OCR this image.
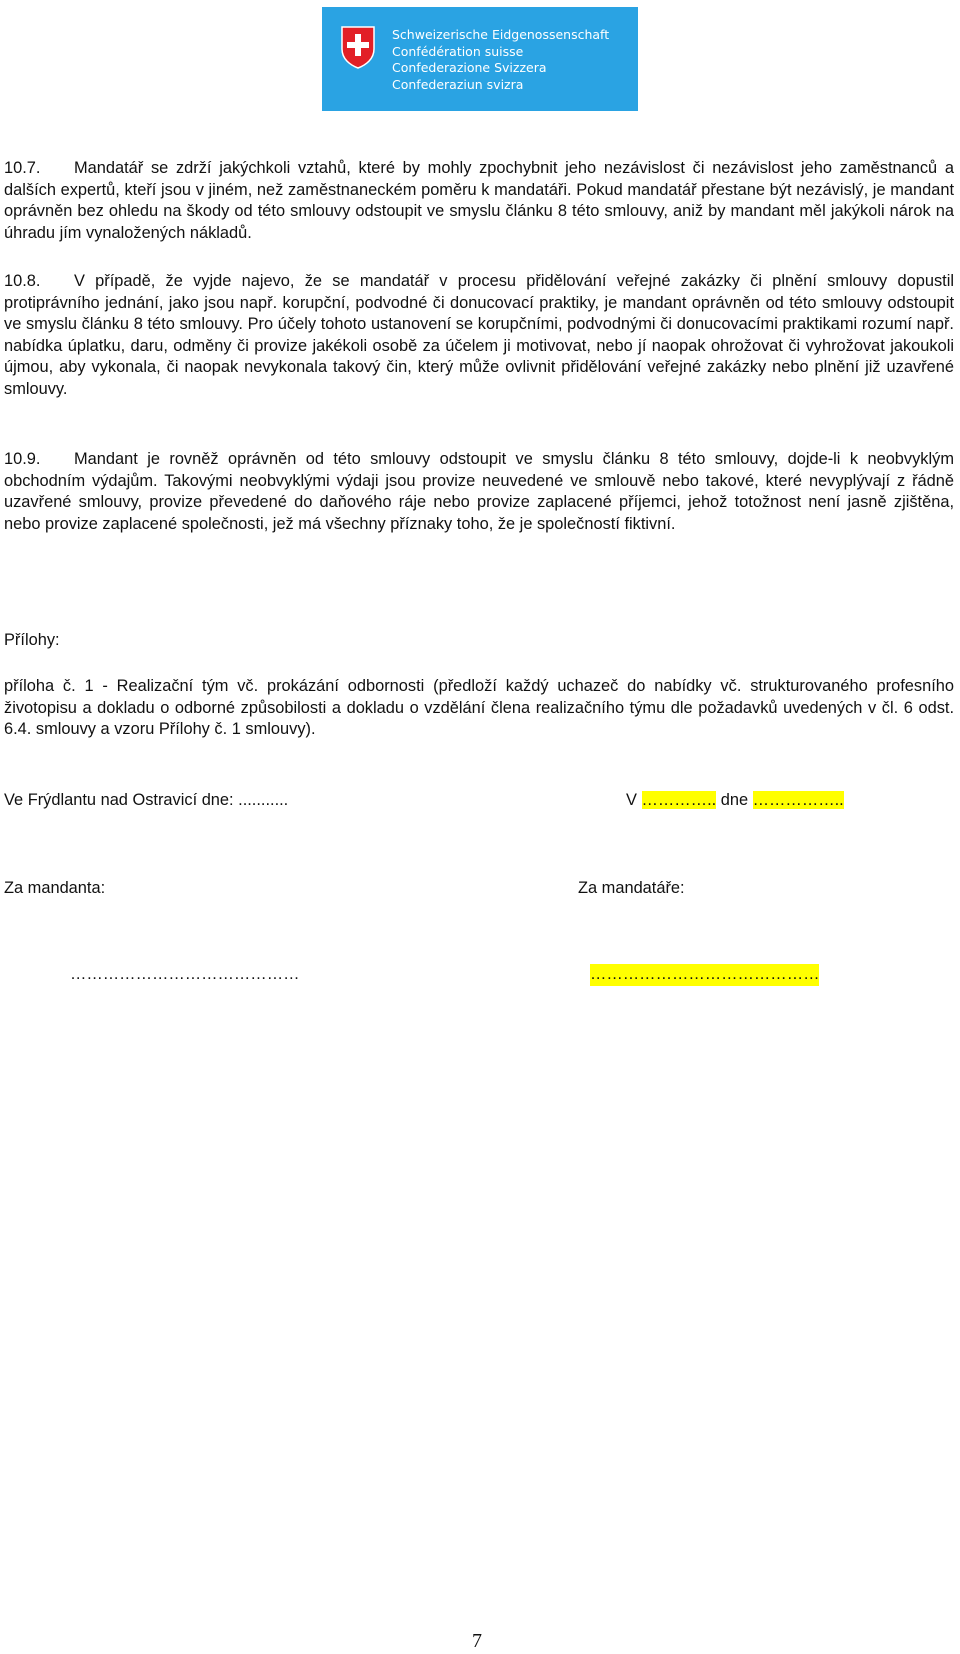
Schweizerische Eidgenossenschaft
Confédération suisse
Confederazione Svizzera
Confederaziun svizra
10.7. Mandatář se zdrží jakýchkoli vztahů, které by mohly zpochybnit jeho nezávislost či nezávislost jeho zaměstnanců a dalších expertů, kteří jsou v jiném, než zaměstnaneckém poměru k mandatáři. Pokud mandatář přestane být nezávislý, je mandant oprávněn bez ohledu na škody od této smlouvy odstoupit ve smyslu článku 8 této smlouvy, aniž by mandant měl jakýkoli nárok na úhradu jím vynaložených nákladů.
10.8. V případě, že vyjde najevo, že se mandatář v procesu přidělování veřejné zakázky či plnění smlouvy dopustil protiprávního jednání, jako jsou např. korupční, podvodné či donucovací praktiky, je mandant oprávněn od této smlouvy odstoupit ve smyslu článku 8 této smlouvy. Pro účely tohoto ustanovení se korupčními, podvodnými či donucovacími praktikami rozumí např. nabídka úplatku, daru, odměny či provize jakékoli osobě za účelem ji motivovat, nebo jí naopak ohrožovat či vyhrožovat jakoukoli újmou, aby vykonala, či naopak nevykonala takový čin, který může ovlivnit přidělování veřejné zakázky nebo plnění již uzavřené smlouvy.
10.9. Mandant je rovněž oprávněn od této smlouvy odstoupit ve smyslu článku 8 této smlouvy, dojde-li k neobvyklým obchodním výdajům. Takovými neobvyklými výdaji jsou provize neuvedené ve smlouvě nebo takové, které nevyplývají z řádně uzavřené smlouvy, provize převedené do daňového ráje nebo provize zaplacené příjemci, jehož totožnost není jasně zjištěna, nebo provize zaplacené společnosti, jež má všechny příznaky toho, že je společností fiktivní.
Přílohy:
příloha č. 1 - Realizační tým vč. prokázání odbornosti (předloží každý uchazeč do nabídky vč. strukturovaného profesního životopisu a dokladu o odborné způsobilosti a dokladu o vzdělání člena realizačního týmu dle požadavků uvedených v čl. 6 odst. 6.4. smlouvy a vzoru Přílohy č. 1 smlouvy).
Ve Frýdlantu nad Ostravicí dne: ...........	V ………….. dne ……………..
Za mandanta:	Za mandatáře:
……………………………………	……………………………………
7
